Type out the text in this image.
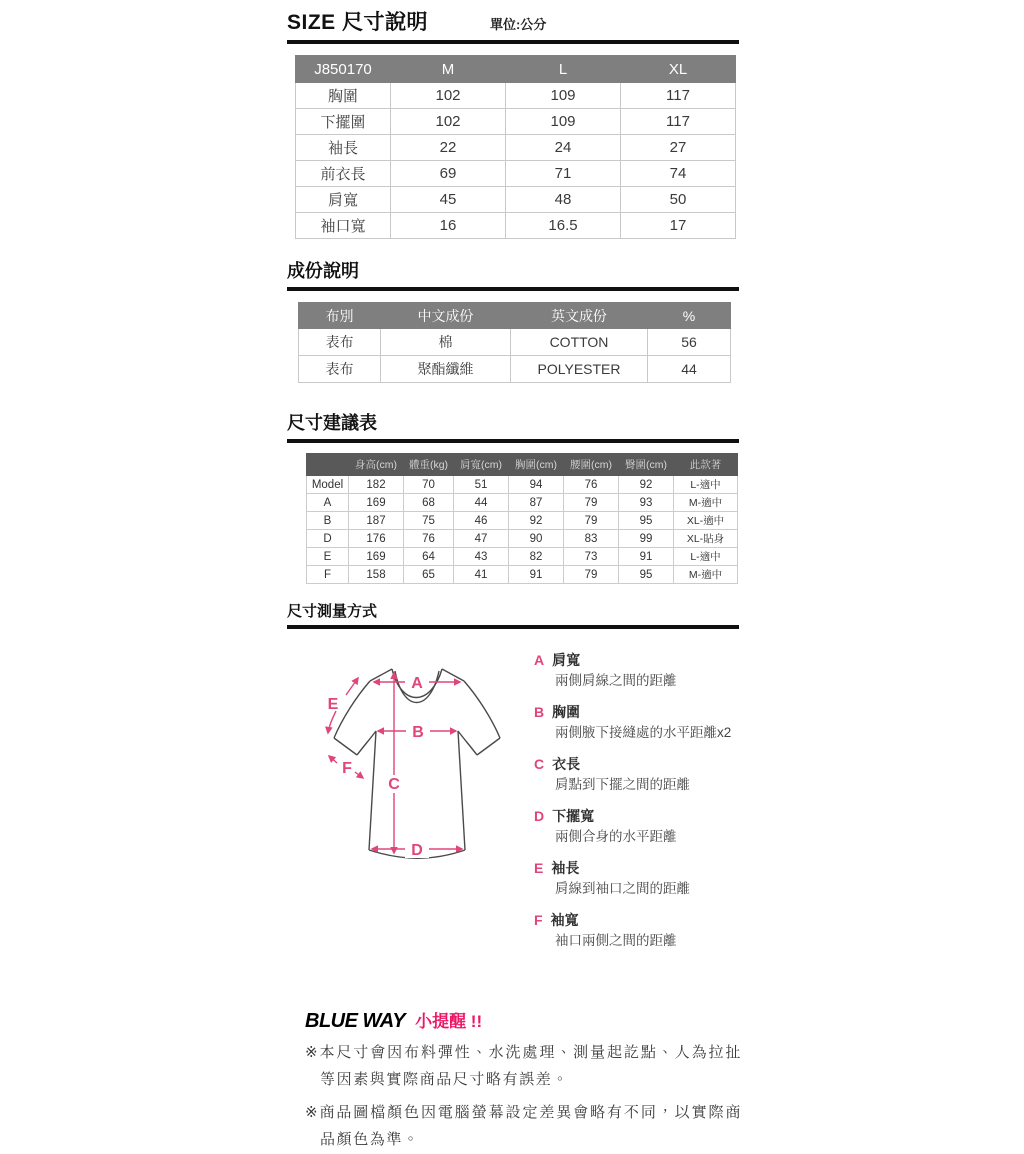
SIZE 尺寸說明	單位:公分
J850170	M	L	XL
胸圍	102	109	117
下擺圍	102	109	117
袖長	22	24	27
前衣長	69	71	74
肩寬	45	48	50
袖口寬	16	16.5	17
成份說明
布別	中文成份	英文成份	%
表布	棉	COTTON	56
表布	聚酯纖維	POLYESTER	44
尺寸建議表
	身高(cm)	體重(kg)	肩寬(cm)	胸圍(cm)	腰圍(cm)	臀圍(cm)	此款著
Model	182	70	51	94	76	92	L-適中
A	169	68	44	87	79	93	M-適中
B	187	75	46	92	79	95	XL-適中
D	176	76	47	90	83	99	XL-貼身
E	169	64	43	82	73	91	L-適中
F	158	65	41	91	79	95	M-適中
尺寸測量方式
A
B
C
D
E
F
A 肩寬
兩側肩線之間的距離
B 胸圍
兩側腋下接縫處的水平距離x2
C 衣長
肩點到下擺之間的距離
D 下擺寬
兩側合身的水平距離
E 袖長
肩線到袖口之間的距離
F 袖寬
袖口兩側之間的距離
BLUE WAY 小提醒 !!
※本尺寸會因布料彈性、水洗處理、測量起訖點、人為拉扯等因素與實際商品尺寸略有誤差。
※商品圖檔顏色因電腦螢幕設定差異會略有不同，以實際商品顏色為準。
